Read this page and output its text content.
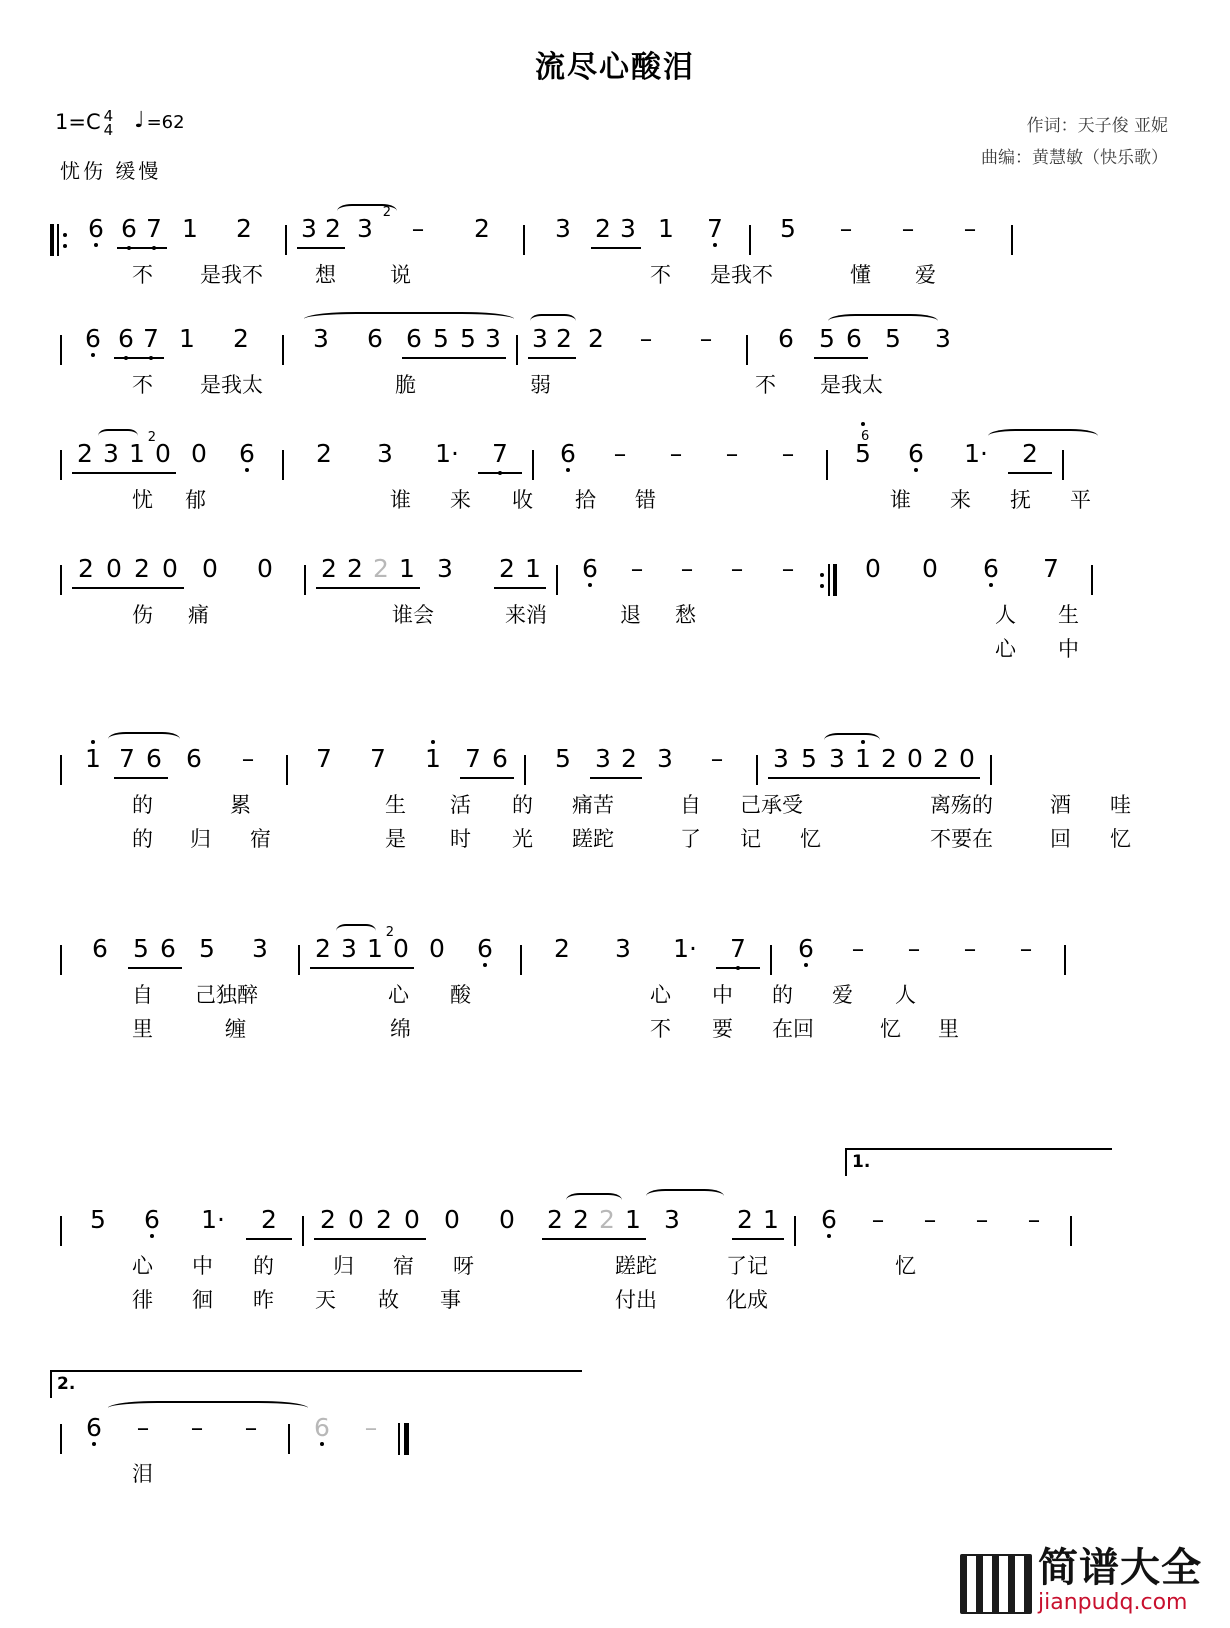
流尽心酸泪
1=C 4
4 ♩ =62
忧伤 缓慢
作词：天子俊 亚妮
曲编：黄慧敏（快乐歌）
6 6 7 1	2	3 2 3 2	–	2	3 2 3 1	7	5	–	–	–
不 是我不 想	说	不 是我不	懂 爱
6 6 7 1	2	3	6 6 5 5 3 3 2 2	–	–	6	5 6 5	3
不 是我太	脆	弱	不 是我太
2 3 1 2 0 0	6	2	3	1·	7	6	–	–	–	–	5 6	6	1·	2
忧 郁	谁 来 收 拾 错	谁 来 抚 平
2 0 2 0 0	0	2 2 2 1 3	2 1	6	–	–	–	–	0	0	6	7
伤 痛	谁会	来消	退 愁	人 生
心 中
1 7 6 6	–	7	7	1 7 6	5 3 2 3	–	3 5 3 1 2 0 2 0
的	累	生 活 的 痛苦	自 己承受	离殇的	酒 哇
的 归 宿	是 时 光 蹉跎	了 记 忆	不要在	回 忆
6	5 6 5	3	2 3 1 2 0 0	6	2	3	1·	7	6	–	–	–	–
自 己独醉	心 酸	心 中 的 爱 人
里	缠	绵	不 要 在回	忆 里
1.
5	6	1·	2	2 0 2 0 0	0	2 2 2 1 3	2 1	6	–	–	–	–
心 中 的	归 宿 呀	蹉跎	了记	忆
徘 徊 昨 天 故 事	付出	化成
2.
6	–	–	–	6	–
泪
简谱大全
jianpudq.com
